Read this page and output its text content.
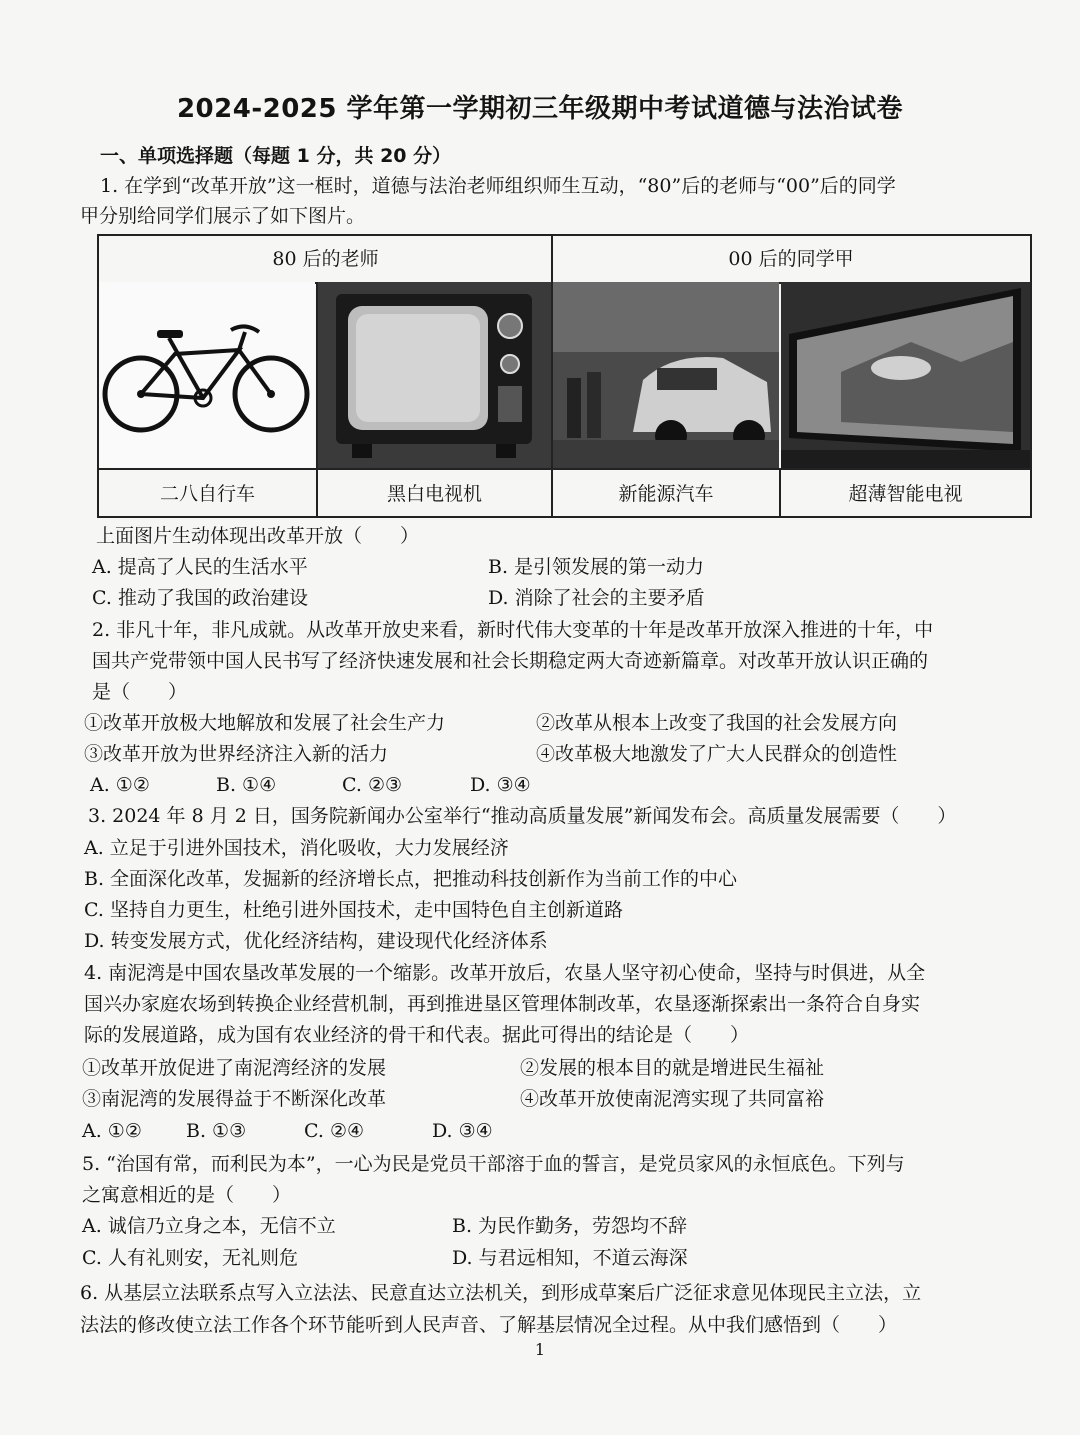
2024-2025 学年第一学期初三年级期中考试道德与法治试卷
一、单项选择题（每题 1 分，共 20 分）
1. 在学到“改革开放”这一框时，道德与法治老师组织师生互动，“80”后的老师与“00”后的同学
甲分别给同学们展示了如下图片。
80 后的老师	00 后的同学甲
二八自行车	黑白电视机	新能源汽车	超薄智能电视
上面图片生动体现出改革开放（　　）
A. 提高了人民的生活水平	B. 是引领发展的第一动力
C. 推动了我国的政治建设	D. 消除了社会的主要矛盾
2. 非凡十年，非凡成就。从改革开放史来看，新时代伟大变革的十年是改革开放深入推进的十年，中
国共产党带领中国人民书写了经济快速发展和社会长期稳定两大奇迹新篇章。对改革开放认识正确的
是（　　）
①改革开放极大地解放和发展了社会生产力	②改革从根本上改变了我国的社会发展方向
③改革开放为世界经济注入新的活力	④改革极大地激发了广大人民群众的创造性
A. ①②	B. ①④	C. ②③	D. ③④
3. 2024 年 8 月 2 日，国务院新闻办公室举行“推动高质量发展”新闻发布会。高质量发展需要（　　）
A. 立足于引进外国技术，消化吸收，大力发展经济
B. 全面深化改革，发掘新的经济增长点，把推动科技创新作为当前工作的中心
C. 坚持自力更生，杜绝引进外国技术，走中国特色自主创新道路
D. 转变发展方式，优化经济结构，建设现代化经济体系
4. 南泥湾是中国农垦改革发展的一个缩影。改革开放后，农垦人坚守初心使命，坚持与时俱进，从全
国兴办家庭农场到转换企业经营机制，再到推进垦区管理体制改革，农垦逐渐探索出一条符合自身实
际的发展道路，成为国有农业经济的骨干和代表。据此可得出的结论是（　　）
①改革开放促进了南泥湾经济的发展	②发展的根本目的就是增进民生福祉
③南泥湾的发展得益于不断深化改革	④改革开放使南泥湾实现了共同富裕
A. ①② B. ①③	C. ②④	D. ③④
5. “治国有常，而利民为本”，一心为民是党员干部溶于血的誓言，是党员家风的永恒底色。下列与
之寓意相近的是（　　）
A. 诚信乃立身之本，无信不立	B. 为民作勤务，劳怨均不辞
C. 人有礼则安，无礼则危	D. 与君远相知，不道云海深
6. 从基层立法联系点写入立法法、民意直达立法机关，到形成草案后广泛征求意见体现民主立法，立
法法的修改使立法工作各个环节能听到人民声音、了解基层情况全过程。从中我们感悟到（　　）
1
